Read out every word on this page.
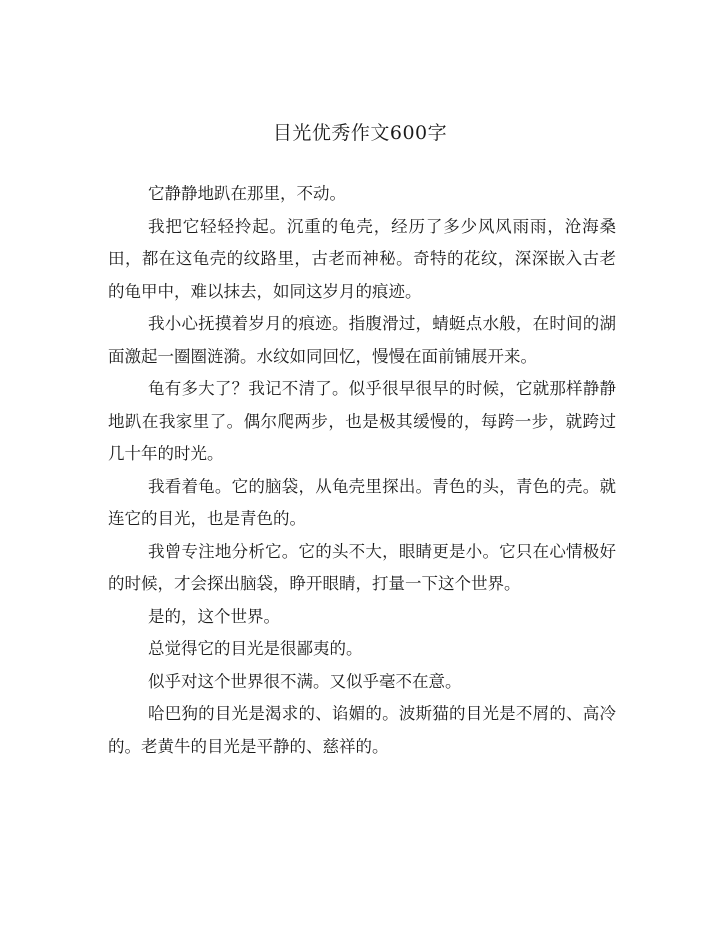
目光优秀作文600字

它静静地趴在那里，不动。

我把它轻轻拎起。沉重的龟壳，经历了多少风风雨雨，沧海桑田，都在这龟壳的纹路里，古老而神秘。奇特的花纹，深深嵌入古老的龟甲中，难以抹去，如同这岁月的痕迹。

我小心抚摸着岁月的痕迹。指腹滑过，蜻蜓点水般，在时间的湖面激起一圈圈涟漪。水纹如同回忆，慢慢在面前铺展开来。

龟有多大了？我记不清了。似乎很早很早的时候，它就那样静静地趴在我家里了。偶尔爬两步，也是极其缓慢的，每跨一步，就跨过几十年的时光。

我看着龟。它的脑袋，从龟壳里探出。青色的头，青色的壳。就连它的目光，也是青色的。

我曾专注地分析它。它的头不大，眼睛更是小。它只在心情极好的时候，才会探出脑袋，睁开眼睛，打量一下这个世界。

是的，这个世界。

总觉得它的目光是很鄙夷的。

似乎对这个世界很不满。又似乎毫不在意。

哈巴狗的目光是渴求的、谄媚的。波斯猫的目光是不屑的、高冷的。老黄牛的目光是平静的、慈祥的。
